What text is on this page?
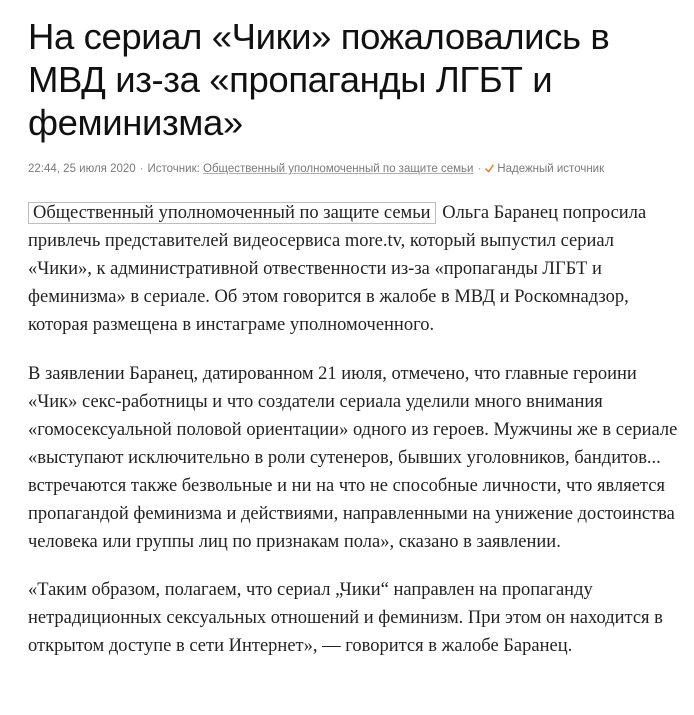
На сериал «Чики» пожаловались в МВД из-за «пропаганды ЛГБТ и феминизма»
22:44, 25 июля 2020 · Источник: Общественный уполномоченный по защите семьи · Надежный источник

Общественный уполномоченный по защите семьи Ольга Баранец попросила привлечь представителей видеосервиса more.tv, который выпустил сериал «Чики», к административной отвественности из-за «пропаганды ЛГБТ и феминизма» в сериале. Об этом говорится в жалобе в МВД и Роскомнадзор, которая размещена в инстаграме уполномоченного.

В заявлении Баранец, датированном 21 июля, отмечено, что главные героини «Чик» секс-работницы и что создатели сериала уделили много внимания «гомосексуальной половой ориентации» одного из героев. Мужчины же в сериале «выступают исключительно в роли сутенеров, бывших уголовников, бандитов... встречаются также безвольные и ни на что не способные личности, что является пропагандой феминизма и действиями, направленными на унижение достоинства человека или группы лиц по признакам пола», сказано в заявлении.

«Таким образом, полагаем, что сериал „Чики“ направлен на пропаганду нетрадиционных сексуальных отношений и феминизм. При этом он находится в открытом доступе в сети Интернет», — говорится в жалобе Баранец.
